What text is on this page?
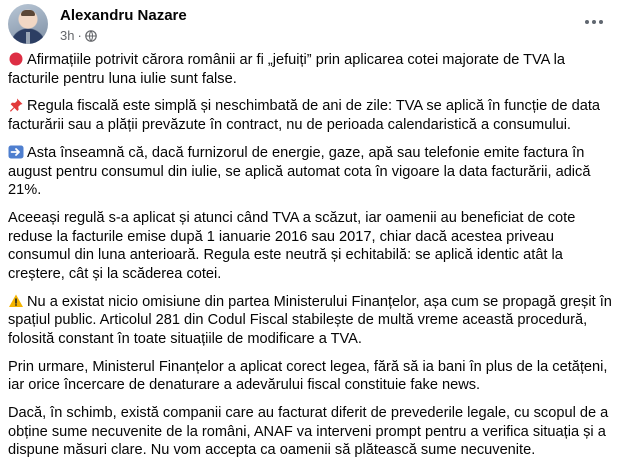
Alexandru Nazare
3h ·

Afirmațiile potrivit cărora românii ar fi „jefuiți” prin aplicarea cotei majorate de TVA la facturile pentru luna iulie sunt false.

Regula fiscală este simplă și neschimbată de ani de zile: TVA se aplică în funcție de data facturării sau a plății prevăzute în contract, nu de perioada calendaristică a consumului.

Asta înseamnă că, dacă furnizorul de energie, gaze, apă sau telefonie emite factura în august pentru consumul din iulie, se aplică automat cota în vigoare la data facturării, adică 21%.

Aceeași regulă s-a aplicat și atunci când TVA a scăzut, iar oamenii au beneficiat de cote reduse la facturile emise după 1 ianuarie 2016 sau 2017, chiar dacă acestea priveau consumul din luna anterioară. Regula este neutră și echitabilă: se aplică identic atât la creștere, cât și la scăderea cotei.

Nu a existat nicio omisiune din partea Ministerului Finanțelor, așa cum se propagă greșit în spațiul public. Articolul 281 din Codul Fiscal stabilește de multă vreme această procedură, folosită constant în toate situațiile de modificare a TVA.

Prin urmare, Ministerul Finanțelor a aplicat corect legea, fără să ia bani în plus de la cetățeni, iar orice încercare de denaturare a adevărului fiscal constituie fake news.

Dacă, în schimb, există companii care au facturat diferit de prevederile legale, cu scopul de a obține sume necuvenite de la români, ANAF va interveni prompt pentru a verifica situația și a dispune măsuri clare. Nu vom accepta ca oamenii să plătească sume necuvenite.
